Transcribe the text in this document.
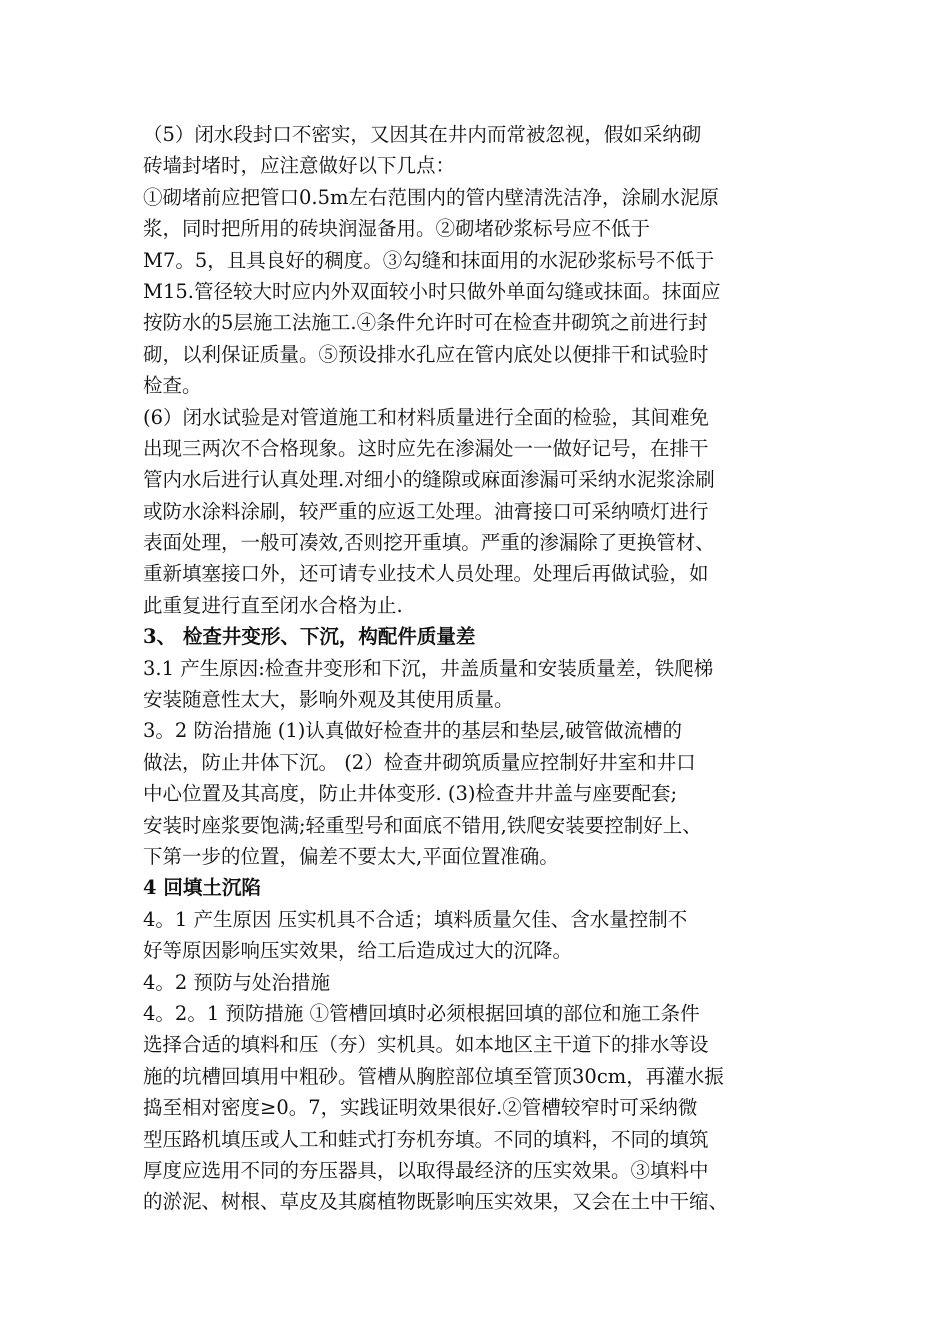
（5）闭水段封口不密实，又因其在井内而常被忽视，假如采纳砌
砖墙封堵时，应注意做好以下几点：
①砌堵前应把管口0.5m左右范围内的管内壁清洗洁净，涂刷水泥原
浆，同时把所用的砖块润湿备用。②砌堵砂浆标号应不低于
M7。5，且具良好的稠度。③勾缝和抹面用的水泥砂浆标号不低于
M15.管径较大时应内外双面较小时只做外单面勾缝或抹面。抹面应
按防水的5层施工法施工.④条件允许时可在检查井砌筑之前进行封
砌，以利保证质量。⑤预设排水孔应在管内底处以便排干和试验时
检查。
(6）闭水试验是对管道施工和材料质量进行全面的检验，其间难免
出现三两次不合格现象。这时应先在渗漏处一一做好记号，在排干
管内水后进行认真处理.对细小的缝隙或麻面渗漏可采纳水泥浆涂刷
或防水涂料涂刷，较严重的应返工处理。油膏接口可采纳喷灯进行
表面处理，一般可凑效,否则挖开重填。严重的渗漏除了更换管材、
重新填塞接口外，还可请专业技术人员处理。处理后再做试验，如
此重复进行直至闭水合格为止.
3、 检查井变形、下沉，构配件质量差
3.1 产生原因:检查井变形和下沉，井盖质量和安装质量差，铁爬梯
安装随意性太大，影响外观及其使用质量。
3。2 防治措施 (1)认真做好检查井的基层和垫层,破管做流槽的
做法，防止井体下沉。 (2）检查井砌筑质量应控制好井室和井口
中心位置及其高度，防止井体变形. (3)检查井井盖与座要配套;
安装时座浆要饱满;轻重型号和面底不错用,铁爬安装要控制好上、
下第一步的位置，偏差不要太大,平面位置准确。
4 回填土沉陷
4。1 产生原因 压实机具不合适；填料质量欠佳、含水量控制不
好等原因影响压实效果，给工后造成过大的沉降。
4。2 预防与处治措施
4。2。1 预防措施 ①管槽回填时必须根据回填的部位和施工条件
选择合适的填料和压（夯）实机具。如本地区主干道下的排水等设
施的坑槽回填用中粗砂。管槽从胸腔部位填至管顶30cm，再灌水振
捣至相对密度≥0。7，实践证明效果很好.②管槽较窄时可采纳微
型压路机填压或人工和蛙式打夯机夯填。不同的填料，不同的填筑
厚度应选用不同的夯压器具，以取得最经济的压实效果。③填料中
的淤泥、树根、草皮及其腐植物既影响压实效果，又会在土中干缩、
